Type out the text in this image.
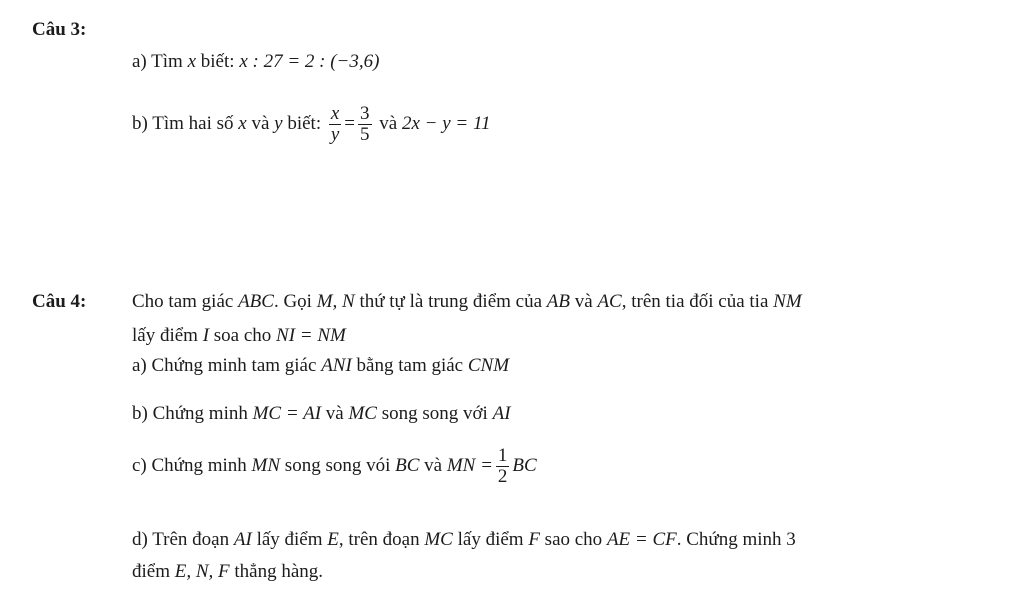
Câu 3:
a) Tìm x biết: x : 27 = 2 : (−3,6)
b) Tìm hai số x và y biết: $\frac{x}{y} = \frac{3}{5}$ và 2x − y = 11
Câu 4: Cho tam giác ABC. Gọi M, N thứ tự là trung điểm của AB và AC, trên tia đối của tia NM
lấy điểm I soa cho NI = NM
a) Chứng minh tam giác ANI bằng tam giác CNM
b) Chứng minh MC = AI và MC song song với AI
c) Chứng minh MN song song vói BC và MN = $\frac{1}{2}$ BC
d) Trên đoạn AI lấy điểm E, trên đoạn MC lấy điểm F sao cho AE = CF. Chứng minh 3
điểm E, N, F thẳng hàng.
